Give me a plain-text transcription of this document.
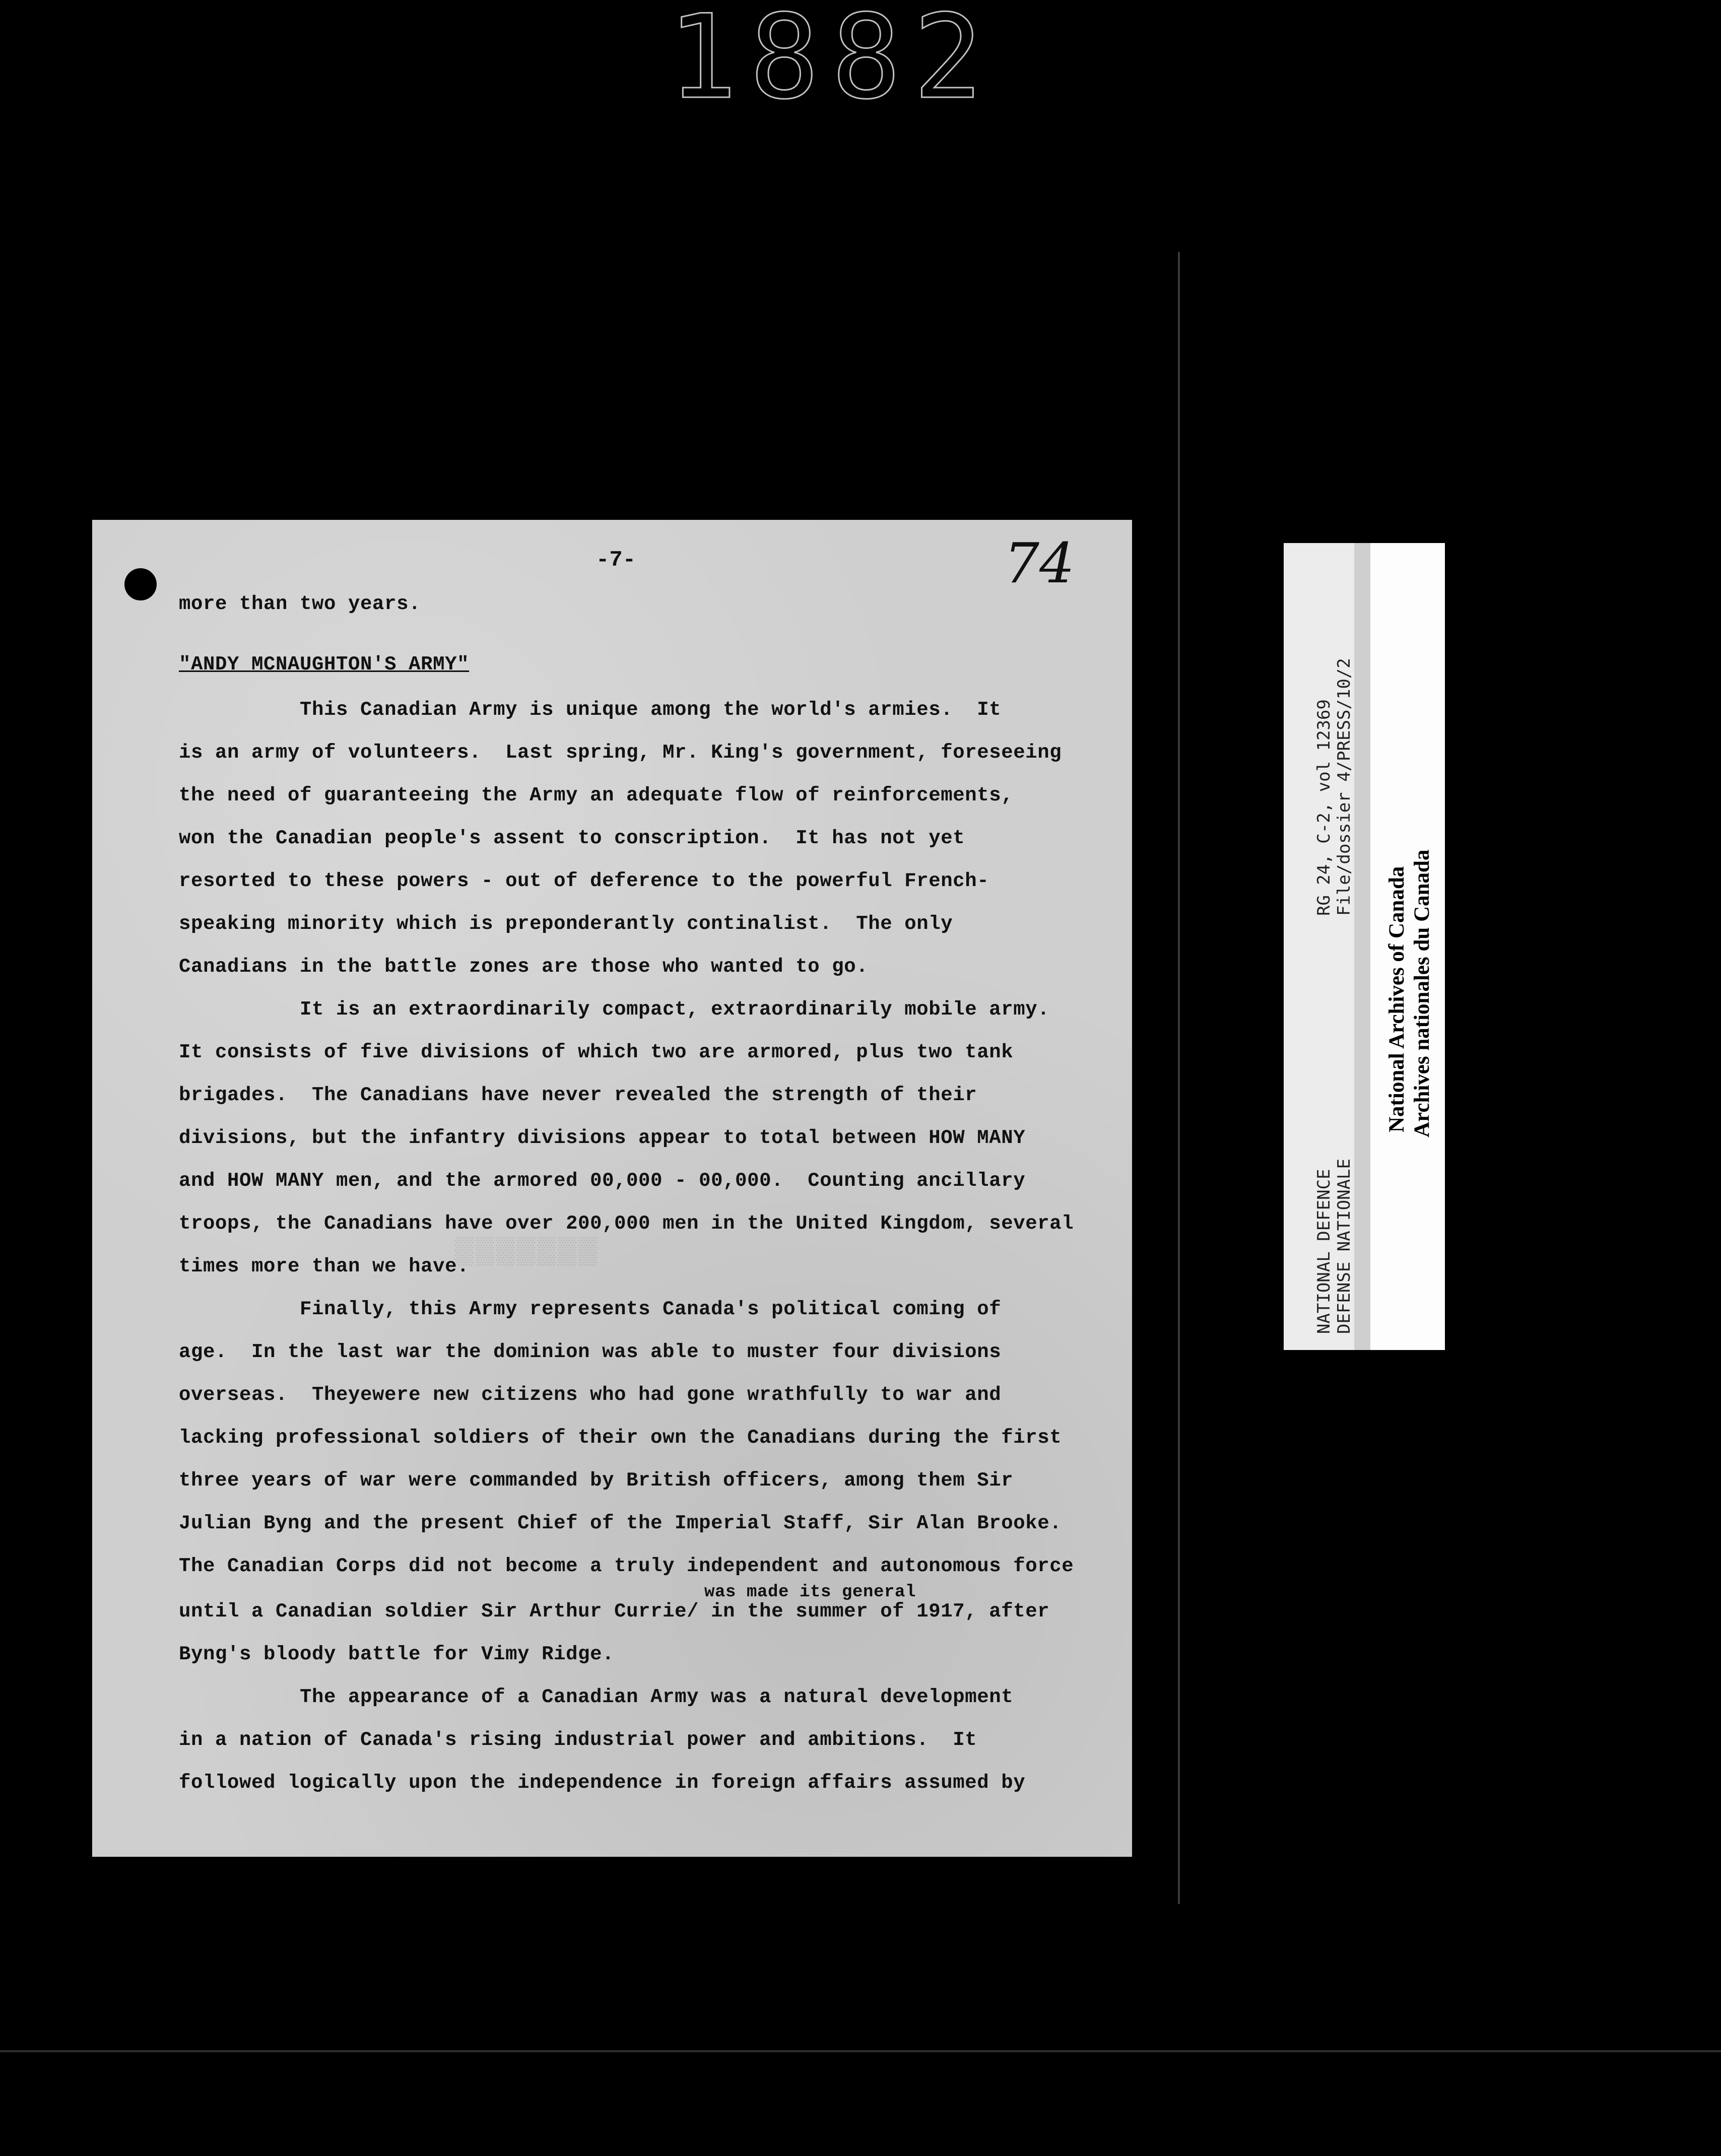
1882
-7-	74
▒▒▒▒▒▒▒
more than two years.
"ANDY MCNAUGHTON'S ARMY"
This Canadian Army is unique among the world's armies.  It
is an army of volunteers.  Last spring, Mr. King's government, foreseeing
the need of guaranteeing the Army an adequate flow of reinforcements,
won the Canadian people's assent to conscription.  It has not yet
resorted to these powers - out of deference to the powerful French-
speaking minority which is preponderantly continalist.  The only
Canadians in the battle zones are those who wanted to go.
It is an extraordinarily compact, extraordinarily mobile army.
It consists of five divisions of which two are armored, plus two tank
brigades.  The Canadians have never revealed the strength of their
divisions, but the infantry divisions appear to total between HOW MANY
and HOW MANY men, and the armored 00,000 - 00,000.  Counting ancillary
troops, the Canadians have over 200,000 men in the United Kingdom, several
times more than we have.
Finally, this Army represents Canada's political coming of
age.  In the last war the dominion was able to muster four divisions
overseas.  Theyewere new citizens who had gone wrathfully to war and
lacking professional soldiers of their own the Canadians during the first
three years of war were commanded by British officers, among them Sir
Julian Byng and the present Chief of the Imperial Staff, Sir Alan Brooke.
The Canadian Corps did not become a truly independent and autonomous force
was made its general
until a Canadian soldier Sir Arthur Currie/ in the summer of 1917, after
Byng's bloody battle for Vimy Ridge.
The appearance of a Canadian Army was a natural development
in a nation of Canada's rising industrial power and ambitions.  It
followed logically upon the independence in foreign affairs assumed by
RG 24, C-2, vol 12369 File/dossier 4/PRESS/10/2
NATIONAL DEFENCE DEFENSE NATIONALE
National Archives of Canada Archives nationales du Canada
